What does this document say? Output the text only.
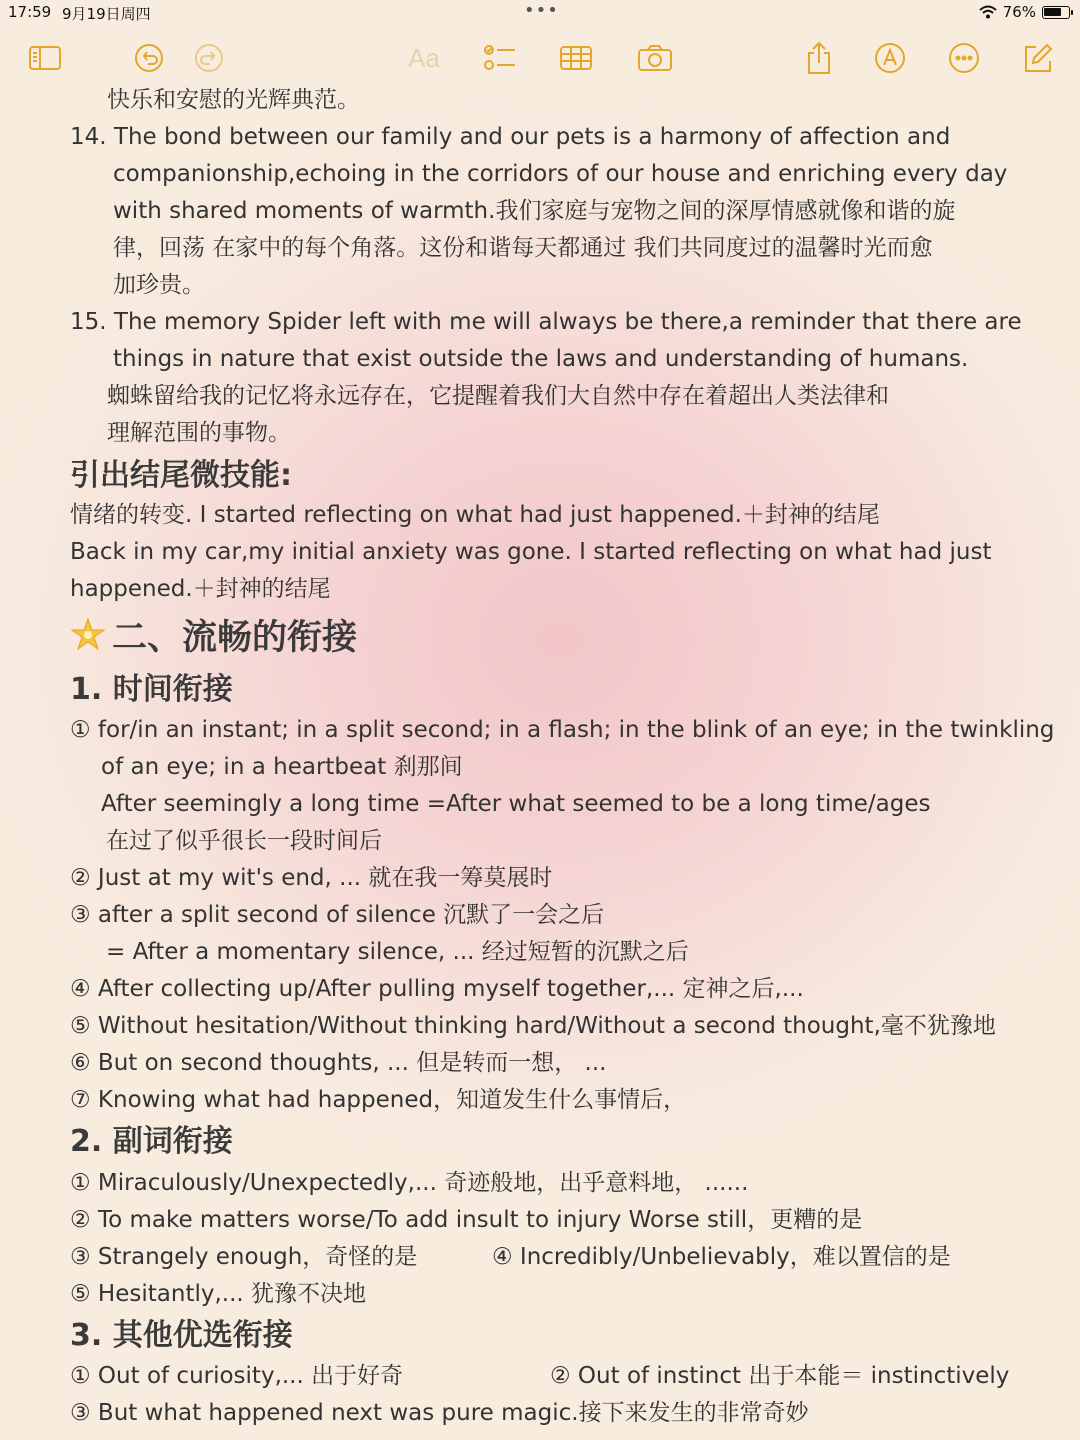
17:59 9月19日周四	•••	76%
Aa
快乐和安慰的光辉典范。
14. The bond between our family and our pets is a harmony of affection and
companionship,echoing in the corridors of our house and enriching every day
with shared moments of warmth.我们家庭与宠物之间的深厚情感就像和谐的旋
律，回荡 在家中的每个角落。这份和谐每天都通过 我们共同度过的温馨时光而愈
加珍贵。
15. The memory Spider left with me will always be there,a reminder that there are
things in nature that exist outside the laws and understanding of humans.
蜘蛛留给我的记忆将永远存在，它提醒着我们大自然中存在着超出人类法律和
理解范围的事物。
引出结尾微技能:
情绪的转变. I started reflecting on what had just happened.＋封神的结尾
Back in my car,my initial anxiety was gone. I started reflecting on what had just
happened.＋封神的结尾
二、流畅的衔接
1. 时间衔接
① for/in an instant; in a split second; in a flash; in the blink of an eye; in the twinkling
of an eye; in a heartbeat 刹那间
After seemingly a long time =After what seemed to be a long time/ages
在过了似乎很长一段时间后
② Just at my wit's end, ... 就在我一筹莫展时
③ after a split second of silence 沉默了一会之后
= After a momentary silence, ... 经过短暂的沉默之后
④ After collecting up/After pulling myself together,... 定神之后,...
⑤ Without hesitation/Without thinking hard/Without a second thought,毫不犹豫地
⑥ But on second thoughts, ... 但是转而一想， ...
⑦ Knowing what had happened，知道发生什么事情后，
2. 副词衔接
① Miraculously/Unexpectedly,... 奇迹般地，出乎意料地， ......
② To make matters worse/To add insult to injury Worse still，更糟的是
③ Strangely enough，奇怪的是	④ Incredibly/Unbelievably，难以置信的是
⑤ Hesitantly,... 犹豫不决地
3. 其他优选衔接
① Out of curiosity,... 出于好奇	② Out of instinct 出于本能＝ instinctively
③ But what happened next was pure magic.接下来发生的非常奇妙
